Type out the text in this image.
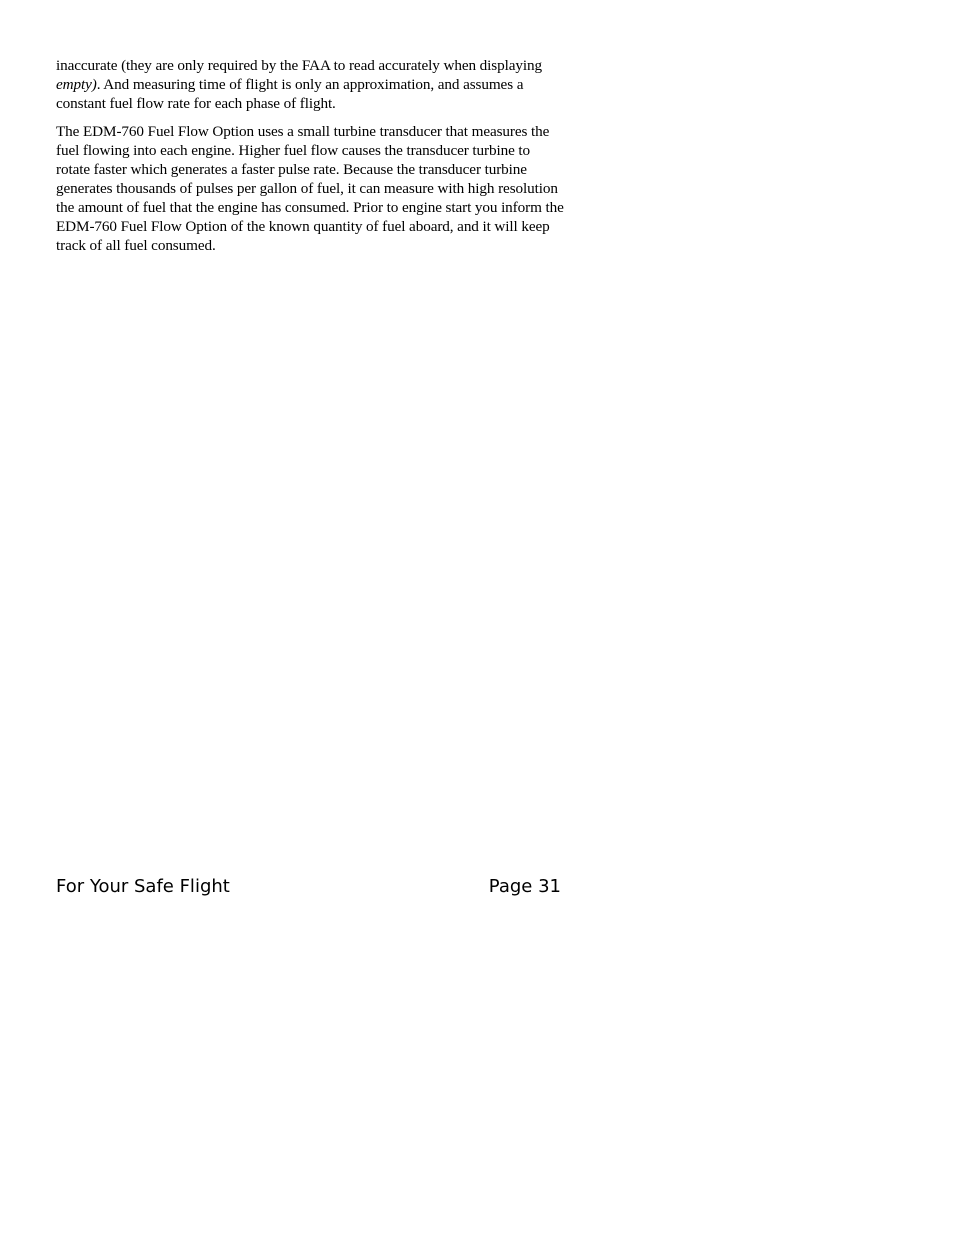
inaccurate (they are only required by the FAA to read accurately when displaying empty). And measuring time of flight is only an approximation, and assumes a constant fuel flow rate for each phase of flight.

The EDM-760 Fuel Flow Option uses a small turbine transducer that measures the fuel flowing into each engine. Higher fuel flow causes the transducer turbine to rotate faster which generates a faster pulse rate. Because the transducer turbine generates thousands of pulses per gallon of fuel, it can measure with high resolution the amount of fuel that the engine has consumed. Prior to engine start you inform the EDM-760 Fuel Flow Option of the known quantity of fuel aboard, and it will keep track of all fuel consumed.

For Your Safe Flight	Page 31
